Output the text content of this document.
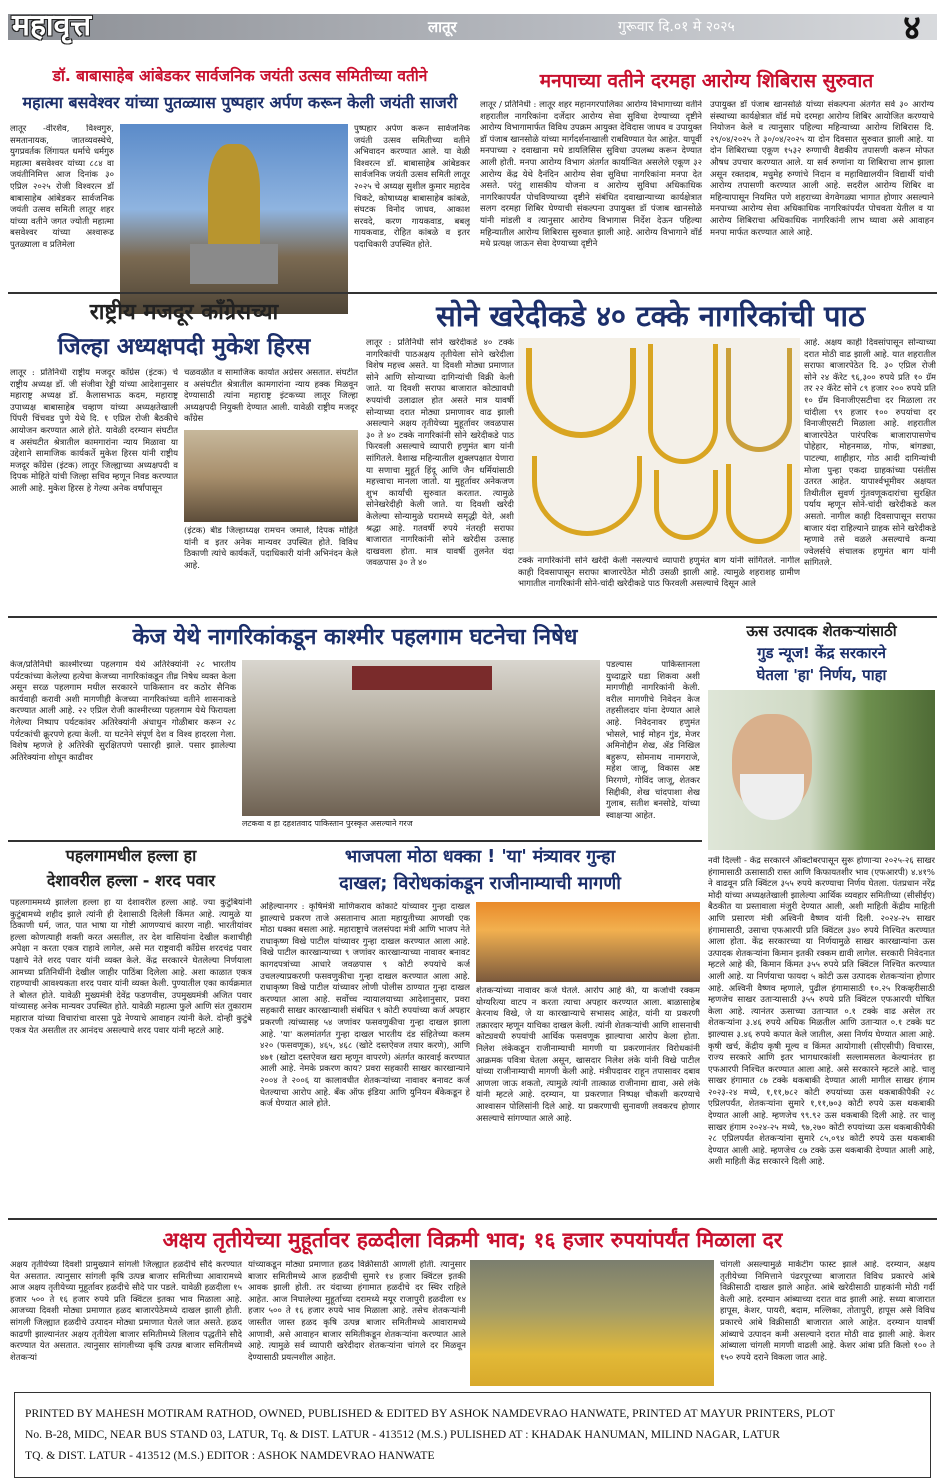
महावृत्त	लातूर	गुरूवार दि.०१ मे २०२५	४
डॉ. बाबासाहेब आंबेडकर सार्वजनिक जयंती उत्सव समितीच्या वतीने
महात्मा बसवेश्वर यांच्या पुतळ्यास पुष्पहार अर्पण करून केली जयंती साजरी
लातूर -वीरशैव, विश्वगुरु, समतानायक, जातव्यवस्थेचे, युगप्रवर्तक लिंगायत धर्माचे धर्मगुरु महात्मा बसवेश्वर यांच्या ८८४ वा जयंतीनिमित्त आज दिनांक ३० एप्रिल २०२५ रोजी विश्वरत्न डॉ बाबासाहेब आंबेडकर सार्वजनिक जयंती उत्सव समिती लातूर शहर यांच्या वतीने जगत ज्योती महात्मा बसवेश्वर यांच्या अश्वारूढ पुतळ्याला व प्रतिमेला
पुष्पहार अर्पण करून सार्वजनिक जयंती उत्सव समितीच्या वतीने अभिवादन करण्यात आले. या वेळी विश्वरत्न डॉ. बाबासाहेब आंबेडकर सार्वजनिक जयंती उत्सव समिती लातूर २०२५ चे अध्यक्ष सुशील कुमार महादेव चिकटे, कोषाध्यक्ष बाबासाहेब कांबळे, संघटक विनोद जाधव, आकाश सरवदे, करण गायकवाड, बबलू गायकवाड, रोहित कांबळे व इतर पदाधिकारी उपस्थित होते.
मनपाच्या वतीने दरमहा आरोग्य शिबिरास सुरुवात
लातूर / प्रतिनिधी : लातूर शहर महानगरपालिका आरोग्य विभागाच्या वतीने शहरातील नागरिकांना दर्जेदार आरोग्य सेवा सुविधा देण्याच्या दृष्टीने आरोग्य विभागामार्फत विविध उपक्रम आयुक्त देविदास जाधव व उपायुक्त डॉ पंजाब खानसोळे यांच्या मार्गदर्शनाखाली राबविण्यात येत आहेत. यापूर्वी मनपाच्या २ दवाखाना मधे डायलिसिस सुविधा उपलब्ध करून देण्यात आली होती. मनपा आरोग्य विभाग अंतर्गत कार्यान्वित असलेले एकूण ३२ आरोग्य केंद्र येथे दैनंदिन आरोग्य सेवा सुविधा नागरिकांना मनपा देत असते. परंतु शासकीय योजना व आरोग्य सुविधा अधिकाधिक नागरिकापर्यंत पोचविण्याच्या दृष्टीने संबंधित दवाखान्याच्या कार्यक्षेत्रात सलग दरमहा शिबिर घेण्याची संकल्पना उपायुक्त डॉ पंजाब खानसोळे यांनी मांडली व त्यानुसार आरोग्य विभागास निर्देश देऊन पहिल्या महिन्यातील आरोग्य शिबिरास सुरुवात झाली आहे. आरोग्य विभागाने वॉर्ड मधे प्रत्यक्ष जाऊन सेवा देण्याच्या दृष्टीने
उपायुक्त डॉ पंजाब खानसोळे यांच्या संकल्पना अंतर्गत सर्व ३० आरोग्य संस्थाच्या कार्यक्षेत्रात वॉर्ड मधे दरमहा आरोग्य शिबिर आयोजित करण्याचे नियोजन केले व त्यानुसार पहिल्या महिन्याच्या आरोग्य शिबिरास दि. २९/०४/२०२५ ते ३०/०४/२०२५ या दोन दिवसात सुरुवात झाली आहे. या दोन शिबिराच्या एकूण १५३२ रुग्णाची वैद्यकीय तपासणी करून मोफत औषध उपचार करण्यात आले. या सर्व रुग्णांना या शिबिराचा लाभ झाला असून रक्तदाब, मधुमेह रुग्णांचे निदान व महाविद्यालयीन विद्यार्थी यांची आरोग्य तपासणी करण्यात आली आहे. सदरील आरोग्य शिबिर वा महिन्यापासून नियमित पणे शहराच्या वेगवेगळ्या भागात होणार असल्याने मनपाच्या आरोग्य सेवा अधिकाधिक नागरिकांपर्यंत पोचवता येतील व या आरोग्य शिबिराचा अधिकाधिक नागरिकांनी लाभ घ्यावा असे आवाहन मनपा मार्फत करण्यात आले आहे.
राष्ट्रीय मजदूर काँग्रेसच्या
जिल्हा अध्यक्षपदी मुकेश हिरस
लातूर : प्रतिनिधी राष्ट्रीय मजदूर काँग्रेस (इंटक) चे राष्ट्रीय अध्यक्ष डॉ. जी संजीवा रेड्डी यांच्या आदेशानुसार महाराष्ट्र अध्यक्ष डॉ. कैलासभाऊ कदम, महाराष्ट्र उपाध्यक्ष बाबासाहेब चव्हाण यांच्या अध्यक्षतेखाली पिंपरी चिंचवड पुणे येथे दि. १ एप्रिल रोजी बैठकीचे आयोजन करण्यात आले होते. यावेळी दरम्यान संघटीत व असंघटीत श्रेत्रातील कामगारांना न्याय मिळावा या उद्देशाने सामाजिक कार्यकर्ते मुकेश हिरस यांनी राष्ट्रीय मजदूर काँग्रेस (इंटक) लातूर जिल्ह्याच्या अध्यक्षपदी व दिपक मोहिते यांची जिल्हा सचिव म्हणून निवड करण्यात आली आहे. मुकेश हिरस हे गेल्या अनेक वर्षांपासून
चळवळीत व सामाजिक कार्यात अग्रेसर असतात. संघटीत व असंघटीत श्रेत्रातील कामगारांना न्याय हक्क मिळवून देण्यासाठी त्यांना महाराष्ट्र इंटकच्या लातूर जिल्हा अध्यक्षपदी नियुक्ती देण्यात आली. यावेळी राष्ट्रीय मजदूर काँग्रेस
(इंटक) बीड जिल्हाध्यक्ष रामचन जमाले, दिपक मोहिते यांनी व इतर अनेक मान्यवर उपस्थित होते. विविध ठिकाणी त्यांचे कार्यकर्ते, पदाधिकारी यांनी अभिनंदन केले आहे.
सोने खरेदीकडे ४० टक्के नागरिकांची पाठ
लातूर : प्रतिनिधी सोने खरेदीकडे ४० टक्के नागरिकांची पाठअक्षय तृतीयेला सोने खरेदीला विशेष महत्त्व असते. या दिवशी मोठ्या प्रमाणात सोने आणि सोन्याच्या दागिन्यांची विक्री केली जाते. या दिवशी सराफा बाजारात कोट्यावधी रुपयांची उलाढाल होत असते मात्र यावर्षी सोन्याच्या दरात मोठ्या प्रमाणावर वाढ झाली असल्याने अक्षय तृतीयेच्या मुहूर्तावर जवळपास ३० ते ४० टक्के नागरिकांनी सोने खरेदीकडे पाठ फिरवली असल्याचे व्यापारी हणुमंत बाग यांनी सांगितले. वैशाख महिन्यातील शुक्लपक्षात येणारा या सणाचा मुहूर्त हिंदू आणि जैन धर्मियांसाठी महत्त्वाचा मानला जातो. या मुहूर्तावर अनेकजण शुभ कार्यांची सुरुवात करतात. त्यामुळे सोनेखरेदीही केली जाते. या दिवशी खरेदी केलेल्या सोन्यामुळे घरामध्ये समृद्धी येते, अशी श्रद्धा आहे. गतवर्षी रुपये नंतरही सराफा बाजारात नागरिकांनी सोने खरेदीस उत्साह दाखवला होता. मात्र यावर्षी तुलनेत यंदा जवळपास ३० ते ४०	टक्के नागरिकांनी सोने खरेदी केली नसल्याचे व्यापारी हणुमंत बाग यांनी सांगितले. नागील काही दिवसापासून सराफा बाजारपेठेत मोठी उसळी झाली आहे. त्यामुळे शहराशह ग्रामीण भागातील नागरिकांनी सोने-चांदी खरेदीकडे पाठ फिरवली असल्याचे दिसून आले
आहे. अक्षय काही दिवसांपासून सोन्याच्या दरात मोठी वाढ झाली आहे. यात शहरातील सराफा बाजारपेठेत दि. ३० एप्रिल रोजी सोने २४ कॅरेट ९६,३०० रुपये प्रति १० ग्रॅम तर २२ कॅरेट सोने ८९ हजार २०० रुपये प्रति १० ग्रॅम विनाजीएसटीचा दर मिळाला तर चांदीला ९९ हजार १०० रुपयांचा दर विनाजीएसटी मिळाला आहे. शहरातील बाजारपेठेत पारंपरिक बाजारापासणेच पोहेहार, मोहनमाळ, गोफ, बांगड्या, पाटल्या, शाहीहार, गोठ आदी दागिन्यांची मोजा पुन्हा एकदा ग्राहकांच्या पसंतीस उतरत आहेत. यापार्श्वभूमीवर अक्षयत तिथीतील सुवर्ण गुंतवणूकदारांचा सुरक्षित पर्याय म्हणून सोने-चांदी खरेदीकडे कल असतो. नागील काही दिवसापासून सराफा बाजार यंदा राहिल्याने ग्राहक सोने खरेदीकडे म्हणावे तसे वळले असल्याचे कन्या ज्वेलर्सचे संचालक हणुमंत बाग यांनी सांगितले.
केज येथे नागरिकांकडून काश्मीर पहलगाम घटनेचा निषेध
केज/प्रतिनिधी काश्मीरच्या पहलगाम येथे अतिरेक्यांनी २८ भारतीय पर्यटकांच्या केलेल्या हत्येचा केजच्या नागरिकांकडून तीव्र निषेध व्यक्त केला असून सरळ पहलगाम मधील सरकारने पाकिस्तान वर कठोर सैनिक कार्यवाही करावी अशी मागणीही केजच्या नागरिकांच्या वतीने शासनाकडे करण्यात आली आहे. २२ एप्रिल रोजी काश्मीरच्या पहलगाम येथे फिरायला गेलेल्या निष्पाप पर्यटकांवर अतिरेक्यांनी अंधाधुन गोळीबार करून २८ पर्यटकांची क्रूरपणे हत्या केली. या घटनेने संपूर्ण देश व विश्व हादरला गेला. विशेष म्हणजे हे अतिरेकी सुरक्षितपणे पसारही झाले. पसार झालेल्या अतिरेक्यांना शोधून काढीवर
लटकवा व हा दहशतवाद पाकिस्तान पुरस्कृत असल्याने गरज
पडल्यास पाकिस्तानला युध्दाद्वारे धडा शिकवा अशी मागणीही नागरिकांनी केली. वरील मागणीचे निवेदन केज तहसीलदार यांना देण्यात आले आहे. निवेदनावर हणुमंत भोसले, भाई मोहन गुंड, मेजर अमिनोद्दीन शेख, ॲड निखिल बहुरूप, सोमनाथ नामगराजे, महेश जाजू, विकास अष्ट मिरगणे, गोविंद जाजू, शेतकर सिद्दीकी, शेख चांदपाशा शेख गुलाब, सतीश बनसोडे, यांच्या स्वाक्षऱ्या आहेत.
ऊस उत्पादक शेतकऱ्यांसाठी
गुड न्यूज! केंद्र सरकारने
घेतला 'हा' निर्णय, पाहा
नवी दिल्ली - केंद्र सरकारने ऑक्टोबरपासून सुरू होणाऱ्या २०२५-२६ साखर हंगामासाठी ऊसासाठी रास्त आणि किफायतशीर भाव (एफआरपी) ४.४१% ने वाढवून प्रति क्विंटल ३५५ रुपये करण्याचा निर्णय घेतला. पंतप्रधान नरेंद्र मोदी यांच्या अध्यक्षतेखाली झालेल्या आर्थिक व्यवहार समितीच्या (सीसीईए) बैठकीत या प्रस्तावाला मंजुरी देण्यात आली, अशी माहिती केंद्रीय माहिती आणि प्रसारण मंत्री अश्विनी वैष्णव यांनी दिली. २०२४-२५ साखर हंगामासाठी, उसाचा एफआरपी प्रति क्विंटल ३४० रुपये निश्चित करण्यात आला होता. केंद्र सरकारच्या या निर्णयामुळे साखर कारखान्यांना ऊस उत्पादक शेतकऱ्यांना किमान इतकी रक्कम द्यावी लागेल. सरकारी निवेदनात म्हटले आहे की, किमान किंमत ३५५ रुपये प्रति क्विंटल निश्चित करण्यात आली आहे. या निर्णयाचा फायदा ५ कोटी ऊस उत्पादक शेतकऱ्यांना होणार आहे. अश्विनी वैष्णव म्हणाले, पुढील हंगामासाठी १०.२५ रिकव्हरीसाठी म्हणजेच साखर उताऱ्यासाठी ३५५ रुपये प्रति क्विंटल एफआरपी घोषित केला आहे. त्यानंतर ऊसाच्या उताऱ्यात ०.१ टक्के वाढ असेल तर शेतकऱ्यांना ३.४६ रुपये अधिक मिळतील आणि उताऱ्यात ०.१ टक्के घट झाल्यास ३.४६ रुपये कपात केले जातील, असा निर्णय घेण्यात आला आहे. कृषी खर्च, केंद्रीय कृषी मूल्य व किंमत आयोगाशी (सीएसीपी) विचारस, राज्य सरकारे आणि इतर भागधारकांशी सल्लामसलत केल्यानंतर हा एफआरपी निश्चित करण्यात आला आहे. असे सरकारने म्हटले आहे. चालू साखर हंगामात ८७ टक्के थकबाकी देण्यात आली मागील साखर हंगाम २०२३-२४ मध्ये, १,११,७८२ कोटी रुपयांच्या ऊस थकबाकीपैकी २८ एप्रिलपर्यंत, शेतकऱ्यांना सुमारे १,११,७०३ कोटी रुपये ऊस थकबाकी देण्यात आली आहे. म्हणजेच ९९.९२ ऊस थकबाकी दिली आहे. तर चालू साखर हंगाम २०२४-२५ मध्ये, ९७,२७० कोटी रुपयांच्या ऊस थकबाकीपैकी २८ एप्रिलपर्यंत शेतकऱ्यांना सुमारे ८५,०९४ कोटी रुपये ऊस थकबाकी देण्यात आली आहे. म्हणजेच ८७ टक्के ऊस थकबाकी देण्यात आली आहे, अशी माहिती केंद्र सरकारने दिली आहे.
पहलगामधील हल्ला हा
देशावरील हल्ला - शरद पवार
पहलगाममध्ये झालेला हल्ला हा या देशावरील हल्ला आहे. ज्या कुटुंबियांनी कुटुंबामध्ये शहीद झाले त्यांनी ही देशासाठी दिलेली किंमत आहे. त्यामुळे या ठिकाणी धर्म, जात, पात भाषा या गोष्टी आणण्याचं कारण नाही. भारतीयांवर हल्ला कोणत्याही शक्ती करत असतील, तर देश वासियांना देखील कशाचीही अपेक्षा न करता एकत्र राहावे लागेल, असे मत राष्ट्रवादी काँग्रेस शरदचंद्र पवार पक्षाचे नेते शरद पवार यांनी व्यक्त केले. केंद्र सरकारने घेतलेल्या निर्णयाला आमच्या प्रतिनिधींनी देखील जाहीर पाठिंबा दिलेला आहे. अशा काळात एकत्र राहण्याची आवश्यकता शरद पवार यांनी व्यक्त केली. पुण्यातील एका कार्यक्रमात ते बोलत होते. यावेळी मुख्यमंत्री देवेंद्र फडणवीस, उपमुख्यमंत्री अजित पवार यांच्यासह अनेक मान्यवर उपस्थित होते. यावेळी महात्मा फुले आणि संत तुकाराम महाराज यांच्या विचारांचा वारसा पुढे नेण्याचे आवाहन त्यांनी केले. दोन्ही कुटुंबे एकत्र येत असतील तर आनंदच असल्याचे शरद पवार यांनी म्हटले आहे.
भाजपला मोठा धक्का ! 'या' मंत्र्यावर गुन्हा
दाखल; विरोधकांकडून राजीनाम्याची मागणी
अहिल्यानगर : कृषिमंत्री माणिकराव कोकाटे यांच्यावर गुन्हा दाखल झाल्याचे प्रकरण ताजे असतानाच आता महायुतीच्या आणखी एक मोठा धक्का बसला आहे. महाराष्ट्राचे जलसंपदा मंत्री आणि भाजप नेते राधाकृष्ण विखे पाटील यांच्यावर गुन्हा दाखल करण्यात आला आहे. विखे पाटील कारखान्याच्या ९ जणांवर कारखान्याच्या नावावर बनावट कागदपत्रांच्या आधारे जवळपास ९ कोटी रुपयांचे कर्ज उचलल्याप्रकरणी फसवणुकीचा गुन्हा दाखल करण्यात आला आहे. राधाकृष्ण विखे पाटील यांच्यावर लोणी पोलीस ठाण्यात गुन्हा दाखल करण्यात आला आहे. सर्वोच्च न्यायालयाच्या आदेशानुसार, प्रवरा सहकारी साखर कारखान्याशी संबंधित ९ कोटी रुपयांच्या कर्ज अपहार प्रकरणी त्यांच्यासह ५४ जणांवर फसवणुकीचा गुन्हा दाखल झाला आहे. 'या' कलमांतर्गत गुन्हा दाखल भारतीय दंड संहितेच्या कलम ४२० (फसवणूक), ४६५, ४६८ (खोटे दस्तऐवज तयार करणे), आणि ४७१ (खोटा दस्तऐवज खरा म्हणून वापरणे) अंतर्गत कारवाई करण्यात आली आहे. नेमके प्रकरण काय? प्रवरा सहकारी साखर कारखान्याने २००४ ते २००६ या कालावधीत शेतकऱ्यांच्या नावावर बनावट कर्ज घेतल्याचा आरोप आहे. बँक ऑफ इंडिया आणि युनियन बँकेकडून हे कर्ज घेण्यात आले होते.
शेतकऱ्यांच्या नावावर कर्ज घेतले. आरोप आहे की, या कर्जाची रक्कम योग्यरित्या वाटप न करता त्याचा अपहार करण्यात आला. बाळासाहेब केरनाथ विखे, जे या कारखान्याचे सभासद आहेत, यांनी या प्रकरणी तक्रारदार म्हणून याचिका दाखल केली. त्यांनी शेतकऱ्यांची आणि शासनाची कोट्यवधी रुपयांची आर्थिक फसवणूक झाल्याचा आरोप केला होता. निलेश लंकेकडून राजीनाम्याची मागणी या प्रकरणानंतर विरोधकांनी आक्रमक पवित्रा घेतला असून, खासदार निलेश लंके यांनी विखे पाटील यांच्या राजीनाम्याची मागणी केली आहे. मंत्रीपदावर राहून तपासावर दबाव आणला जाऊ शकतो, त्यामुळे त्यांनी तात्काळ राजीनामा द्यावा, असे लंके यांनी म्हटले आहे. दरम्यान, या प्रकरणात निष्पक्ष चौकशी करण्याचे आश्वासन पोलिसांनी दिले आहे. या प्रकरणाची सुनावणी लवकरच होणार असल्याचे सांगण्यात आले आहे.
अक्षय तृतीयेच्या मुहूर्तावर हळदीला विक्रमी भाव; १६ हजार रुपयांपर्यंत मिळाला दर
अक्षय तृतीयेच्या दिवशी प्रामुख्याने सांगली जिल्ह्यात हळदीचे सौदे करण्यात येत असतात. त्यानुसार सांगली कृषि उत्पन्न बाजार समितीच्या आवारामध्ये आज अक्षय तृतीयेच्या मुहूर्तावर हळदीचे सौदे पार पडले. यावेळी हळदीला १५ हजार ५०० ते १६ हजार रुपये प्रति क्विंटल इतका भाव मिळाला आहे. आजच्या दिवशी मोठ्या प्रमाणात हळद बाजारपेठेमध्ये दाखल झाली होती. सांगली जिल्ह्यात हळदीचे उत्पादन मोठ्या प्रमाणात घेतले जात असते. हळद काढणी झाल्यानंतर अक्षय तृतीयेला बाजार समितीमध्ये लिलाव पद्धतीने सौदे करण्यात येत असतात. त्यानुसार सांगलीच्या कृषि उत्पन्न बाजार समितीमध्ये शेतकऱ्यां
यांच्याकडून मोठ्या प्रमाणात हळद विक्रीसाठी आणली होती. त्यानुसार बाजार समितीमध्ये आज हळदीची सुमारे १४ हजार क्विंटल इतकी आवक झाली होती. तर यंदाच्या हंगामात हळदीचे दर स्थिर राहिले आहेत. आज निघालेल्या मुहूर्ताच्या दरामध्ये मयूर राजापुरी हळदीला १४ हजार ५०० ते १६ हजार रुपये भाव मिळाला आहे. तसेच शेतकऱ्यांनी जास्तीत जास्त हळद कृषि उत्पन्न बाजार समितीमध्ये आवारामध्ये आणावी, असे आवाहन बाजार समितीकडून शेतकऱ्यांना करण्यात आले आहे. त्यामुळे सर्व व्यापारी खरेदीदार शेतकऱ्यांना चांगले दर मिळवून देण्यासाठी प्रयत्नशील आहेत.
चांगली असल्यामुळे मार्केटीग फास्ट झाले आहे. दरम्यान, अक्षय तृतीयेच्या निमित्ताने पंढरपूरच्या बाजारात विविध प्रकारचे आंबे विक्रीसाठी दाखल झाले आहेत. आंबे खरेदीसाठी ग्राहकांनी मोठी गर्दी केली आहे. दरम्यान आंब्याच्या दरात वाढ झाली आहे. सध्या बाजारात हापूस, केशर, पायरी, बदाम, मल्लिका, तोतापुरी, हापूस असे विविध प्रकारचे आंबे विक्रीसाठी बाजारात आले आहेत. दरम्यान यावर्षी आंब्याचे उत्पादन कमी असल्याने दरात मोठी वाढ झाली आहे. केशर आंब्याला चांगली मागणी वाढली आहे. केशर आंबा प्रति किलो १०० ते १५० रुपये दराने विकला जात आहे.
PRINTED BY MAHESH MOTIRAM RATHOD, OWNED, PUBLISHED & EDITED BY ASHOK NAMDEVRAO HANWATE, PRINTED AT MAYUR PRINTERS, PLOT
No. B-28, MIDC, NEAR BUS STAND 03, LATUR, Tq. & DIST. LATUR - 413512 (M.S.) PULISHED AT : KHADAK HANUMAN, MILIND NAGAR, LATUR
TQ. & DIST. LATUR - 413512 (M.S.) EDITOR : ASHOK NAMDEVRAO HANWATE
